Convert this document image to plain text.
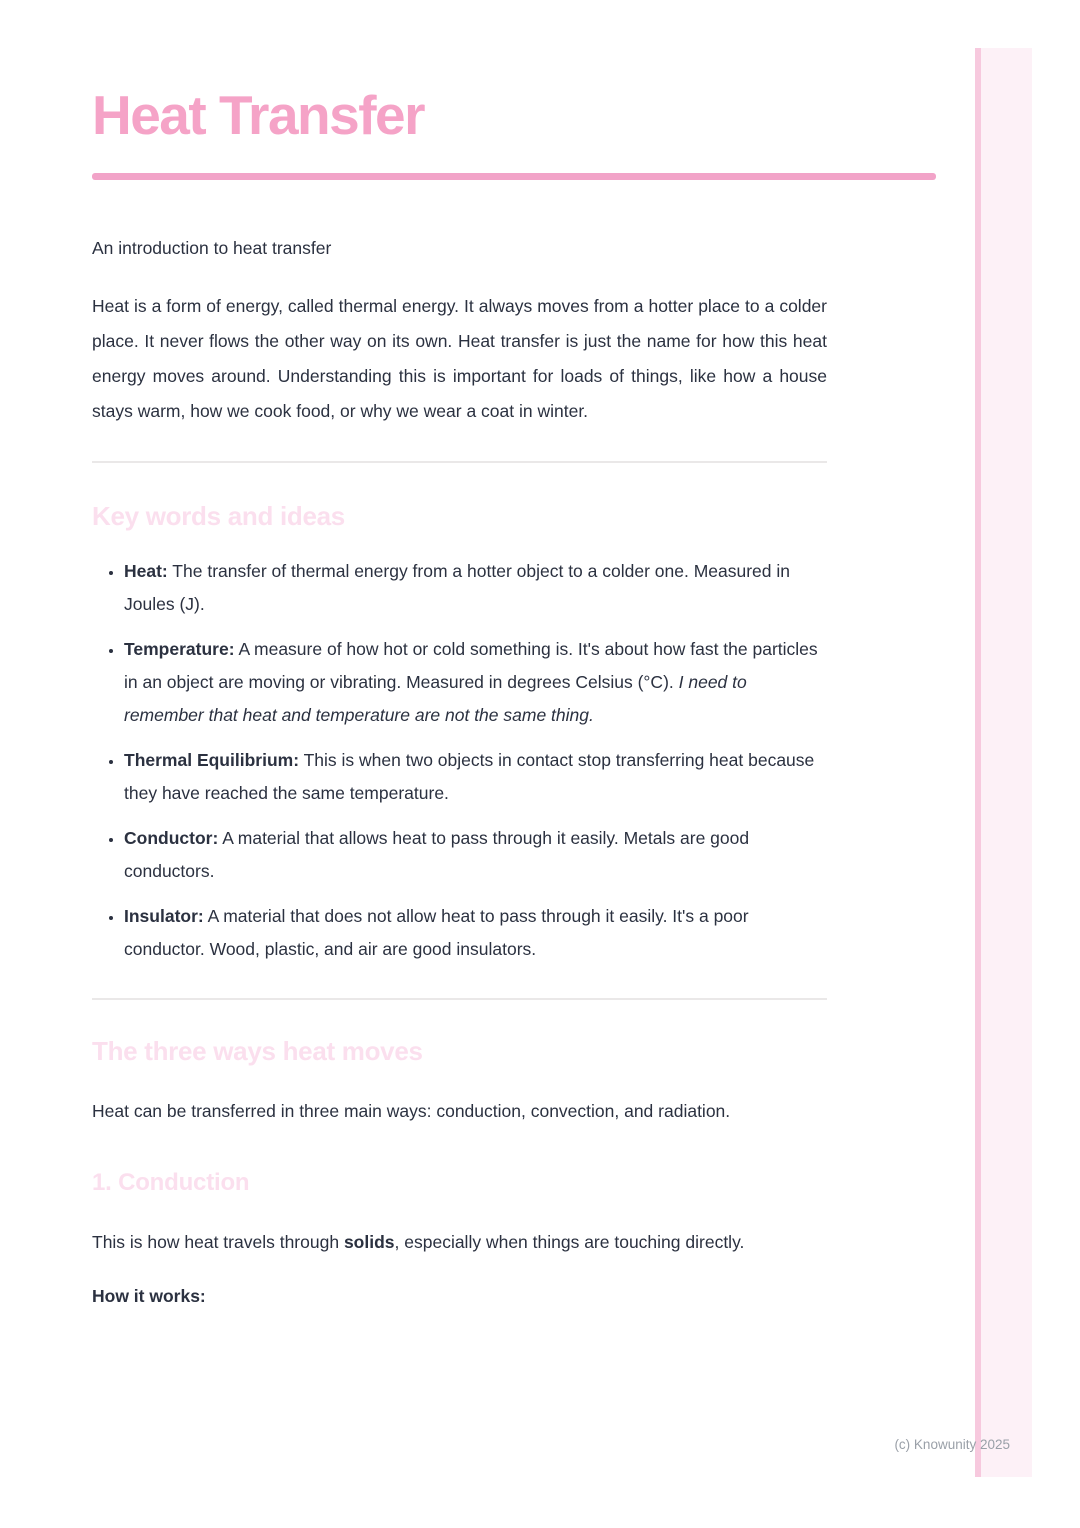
Heat Transfer

An introduction to heat transfer

Heat is a form of energy, called thermal energy. It always moves from a hotter place to a colder place. It never flows the other way on its own. Heat transfer is just the name for how this heat energy moves around. Understanding this is important for loads of things, like how a house stays warm, how we cook food, or why we wear a coat in winter.

Key words and ideas
• Heat: The transfer of thermal energy from a hotter object to a colder one. Measured in Joules (J).
• Temperature: A measure of how hot or cold something is. It's about how fast the particles in an object are moving or vibrating. Measured in degrees Celsius (°C). I need to remember that heat and temperature are not the same thing.
• Thermal Equilibrium: This is when two objects in contact stop transferring heat because they have reached the same temperature.
• Conductor: A material that allows heat to pass through it easily. Metals are good conductors.
• Insulator: A material that does not allow heat to pass through it easily. It's a poor conductor. Wood, plastic, and air are good insulators.
The three ways heat moves

Heat can be transferred in three main ways: conduction, convection, and radiation.

1. Conduction

This is how heat travels through solids, especially when things are touching directly.

How it works:

(c) Knowunity 2025
